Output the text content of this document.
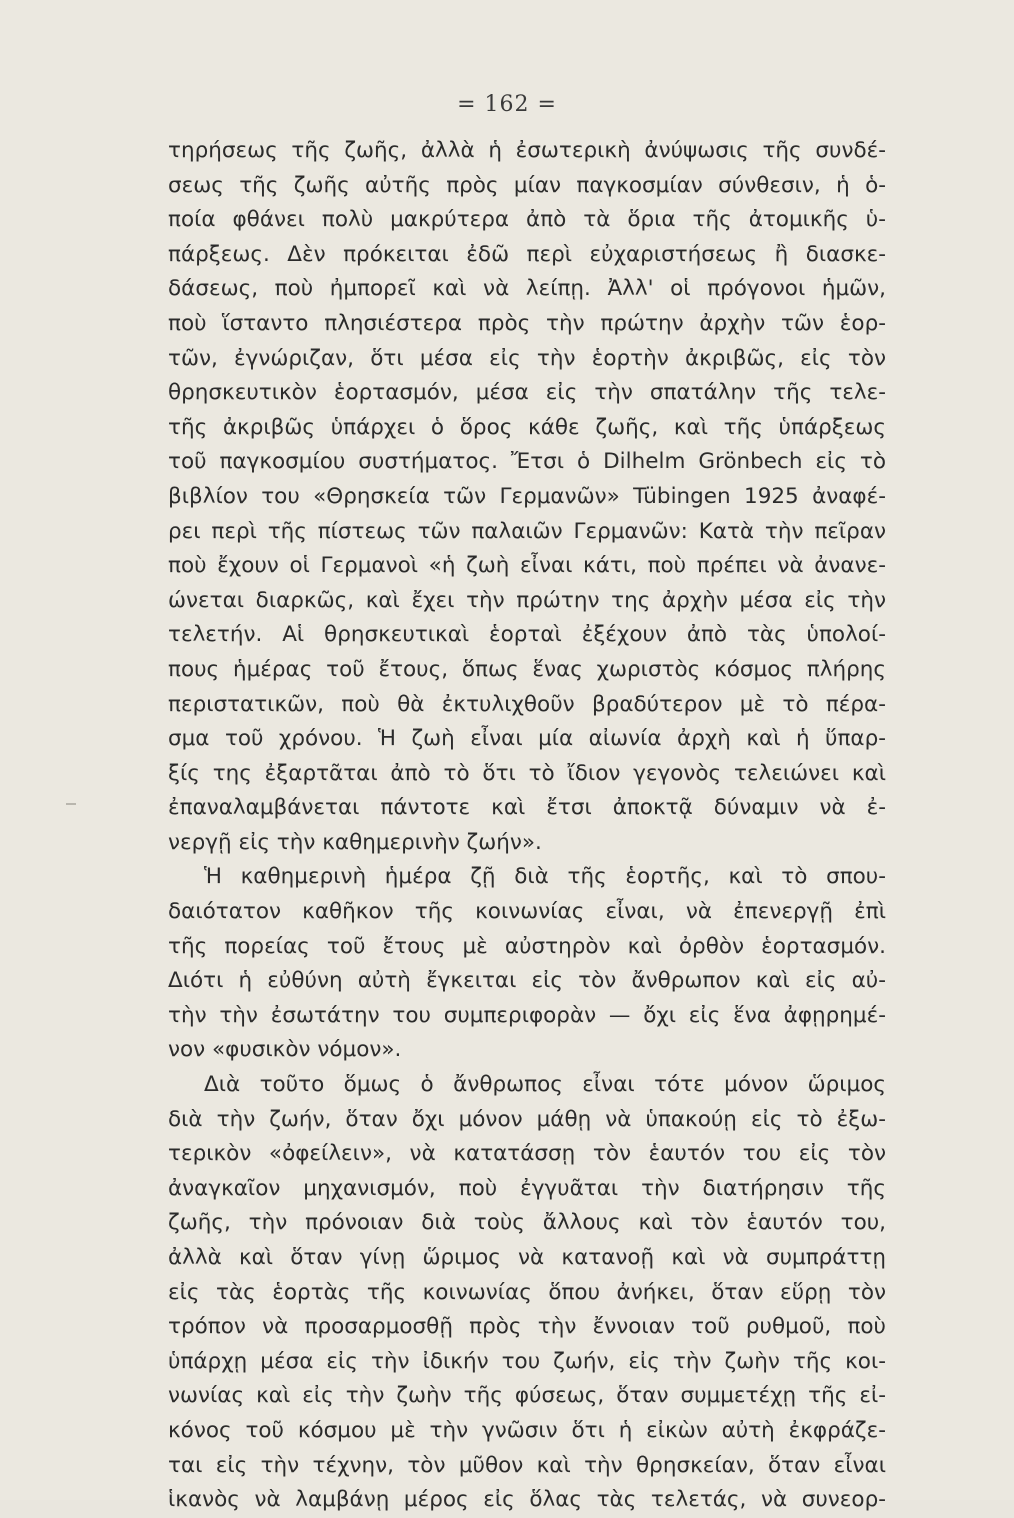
= 162 =
τηρήσεως τῆς ζωῆς, ἀλλὰ ἡ ἐσωτερικὴ ἀνύψωσις τῆς συνδέ-
σεως τῆς ζωῆς αὐτῆς πρὸς μίαν παγκοσμίαν σύνθεσιν, ἡ ὁ-
ποία φθάνει πολὺ μακρύτερα ἀπὸ τὰ ὅρια τῆς ἀτομικῆς ὑ-
πάρξεως. Δὲν πρόκειται ἐδῶ περὶ εὐχαριστήσεως ἢ διασκε-
δάσεως, ποὺ ἠμπορεῖ καὶ νὰ λείπῃ. Ἀλλ' οἱ πρόγονοι ἡμῶν,
ποὺ ἵσταντο πλησιέστερα πρὸς τὴν πρώτην ἀρχὴν τῶν ἑορ-
τῶν, ἐγνώριζαν, ὅτι μέσα εἰς τὴν ἑορτὴν ἀκριβῶς, εἰς τὸν
θρησκευτικὸν ἑορτασμόν, μέσα εἰς τὴν σπατάλην τῆς τελε-
τῆς ἀκριβῶς ὑπάρχει ὁ ὅρος κάθε ζωῆς, καὶ τῆς ὑπάρξεως
τοῦ παγκοσμίου συστήματος. Ἔτσι ὁ Dilhelm Grönbech εἰς τὸ
βιβλίον του «Θρησκεία τῶν Γερμανῶν» Tübingen 1925 ἀναφέ-
ρει περὶ τῆς πίστεως τῶν παλαιῶν Γερμανῶν: Κατὰ τὴν πεῖραν
ποὺ ἔχουν οἱ Γερμανοὶ «ἡ ζωὴ εἶναι κάτι, ποὺ πρέπει νὰ ἀνανε-
ώνεται διαρκῶς, καὶ ἔχει τὴν πρώτην της ἀρχὴν μέσα εἰς τὴν
τελετήν. Αἱ θρησκευτικαὶ ἑορταὶ ἐξέχουν ἀπὸ τὰς ὑπολοί-
πους ἡμέρας τοῦ ἔτους, ὅπως ἕνας χωριστὸς κόσμος πλήρης
περιστατικῶν, ποὺ θὰ ἐκτυλιχθοῦν βραδύτερον μὲ τὸ πέρα-
σμα τοῦ χρόνου. Ἡ ζωὴ εἶναι μία αἰωνία ἀρχὴ καὶ ἡ ὕπαρ-
ξίς της ἐξαρτᾶται ἀπὸ τὸ ὅτι τὸ ἴδιον γεγονὸς τελειώνει καὶ
ἐπαναλαμβάνεται πάντοτε καὶ ἔτσι ἀποκτᾷ δύναμιν νὰ ἐ-
νεργῇ εἰς τὴν καθημερινὴν ζωήν».
Ἡ καθημερινὴ ἡμέρα ζῇ διὰ τῆς ἑορτῆς, καὶ τὸ σπου-
δαιότατον καθῆκον τῆς κοινωνίας εἶναι, νὰ ἐπενεργῇ ἐπὶ
τῆς πορείας τοῦ ἔτους μὲ αὐστηρὸν καὶ ὀρθὸν ἑορτασμόν.
Διότι ἡ εὐθύνη αὐτὴ ἔγκειται εἰς τὸν ἄνθρωπον καὶ εἰς αὐ-
τὴν τὴν ἐσωτάτην του συμπεριφορὰν — ὄχι εἰς ἕνα ἀφῃρημέ-
νον «φυσικὸν νόμον».
Διὰ τοῦτο ὅμως ὁ ἄνθρωπος εἶναι τότε μόνον ὥριμος
διὰ τὴν ζωήν, ὅταν ὄχι μόνον μάθῃ νὰ ὑπακούῃ εἰς τὸ ἐξω-
τερικὸν «ὀφείλειν», νὰ κατατάσσῃ τὸν ἑαυτόν του εἰς τὸν
ἀναγκαῖον μηχανισμόν, ποὺ ἐγγυᾶται τὴν διατήρησιν τῆς
ζωῆς, τὴν πρόνοιαν διὰ τοὺς ἄλλους καὶ τὸν ἑαυτόν του,
ἀλλὰ καὶ ὅταν γίνῃ ὥριμος νὰ κατανοῇ καὶ νὰ συμπράττῃ
εἰς τὰς ἑορτὰς τῆς κοινωνίας ὅπου ἀνήκει, ὅταν εὕρῃ τὸν
τρόπον νὰ προσαρμοσθῇ πρὸς τὴν ἔννοιαν τοῦ ρυθμοῦ, ποὺ
ὑπάρχῃ μέσα εἰς τὴν ἰδικήν του ζωήν, εἰς τὴν ζωὴν τῆς κοι-
νωνίας καὶ εἰς τὴν ζωὴν τῆς φύσεως, ὅταν συμμετέχῃ τῆς εἰ-
κόνος τοῦ κόσμου μὲ τὴν γνῶσιν ὅτι ἡ εἰκὼν αὐτὴ ἐκφράζε-
ται εἰς τὴν τέχνην, τὸν μῦθον καὶ τὴν θρησκείαν, ὅταν εἶναι
ἱκανὸς νὰ λαμβάνῃ μέρος εἰς ὅλας τὰς τελετάς, νὰ συνεορ-
